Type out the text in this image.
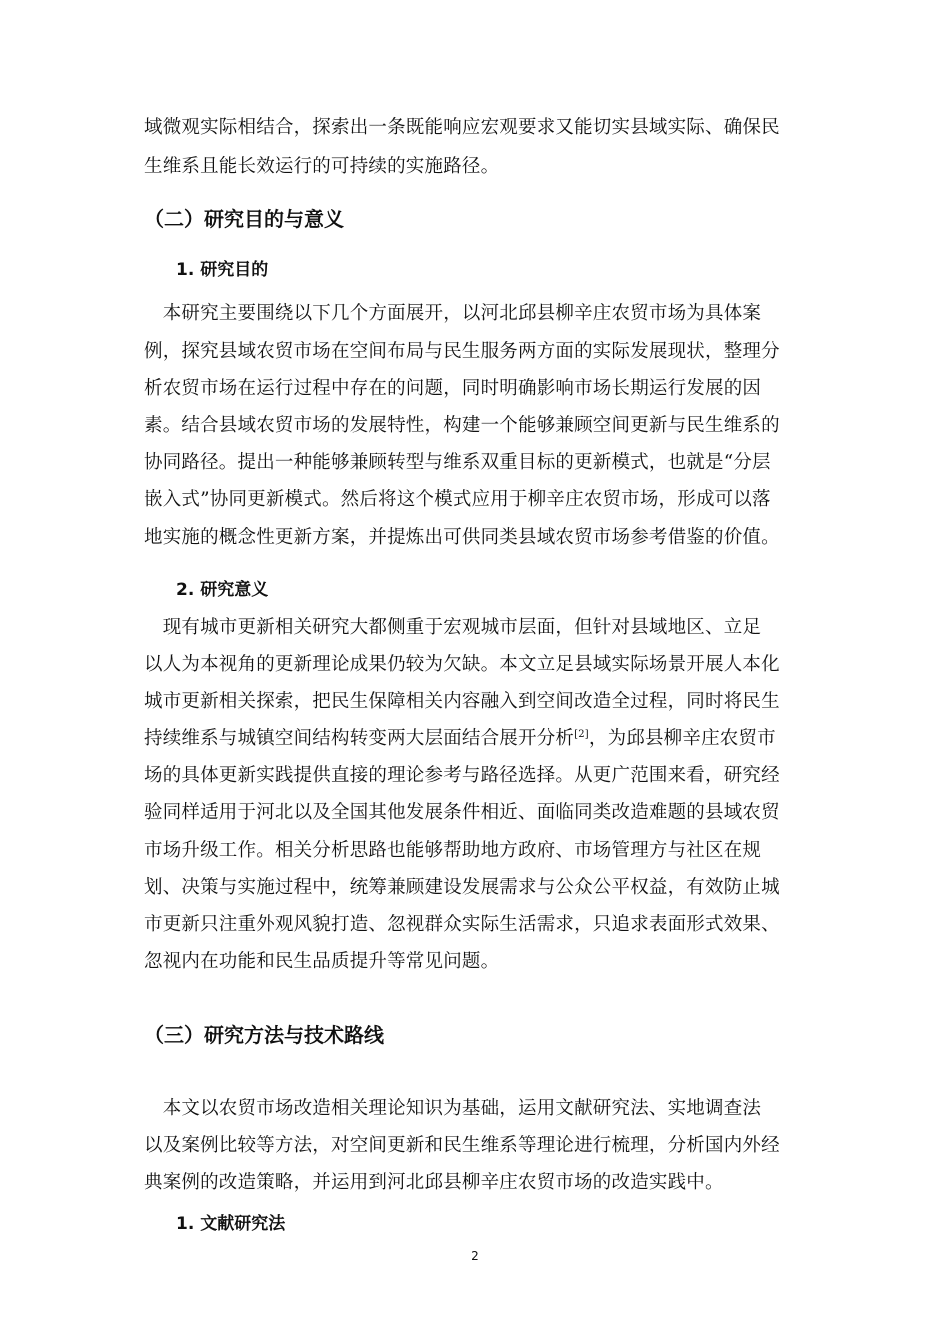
域微观实际相结合，探索出一条既能响应宏观要求又能切实县域实际、确保民
生维系且能长效运行的可持续的实施路径。
（二）研究目的与意义
1. 研究目的
　本研究主要围绕以下几个方面展开，以河北邱县柳辛庄农贸市场为具体案
例，探究县域农贸市场在空间布局与民生服务两方面的实际发展现状，整理分
析农贸市场在运行过程中存在的问题，同时明确影响市场长期运行发展的因
素。结合县域农贸市场的发展特性，构建一个能够兼顾空间更新与民生维系的
协同路径。提出一种能够兼顾转型与维系双重目标的更新模式，也就是“分层
嵌入式”协同更新模式。然后将这个模式应用于柳辛庄农贸市场，形成可以落
地实施的概念性更新方案，并提炼出可供同类县域农贸市场参考借鉴的价值。
2. 研究意义
　现有城市更新相关研究大都侧重于宏观城市层面，但针对县域地区、立足
以人为本视角的更新理论成果仍较为欠缺。本文立足县域实际场景开展人本化
城市更新相关探索，把民生保障相关内容融入到空间改造全过程，同时将民生
持续维系与城镇空间结构转变两大层面结合展开分析[2]，为邱县柳辛庄农贸市
场的具体更新实践提供直接的理论参考与路径选择。从更广范围来看，研究经
验同样适用于河北以及全国其他发展条件相近、面临同类改造难题的县域农贸
市场升级工作。相关分析思路也能够帮助地方政府、市场管理方与社区在规
划、决策与实施过程中，统筹兼顾建设发展需求与公众公平权益，有效防止城
市更新只注重外观风貌打造、忽视群众实际生活需求，只追求表面形式效果、
忽视内在功能和民生品质提升等常见问题。
（三）研究方法与技术路线
　本文以农贸市场改造相关理论知识为基础，运用文献研究法、实地调查法
以及案例比较等方法，对空间更新和民生维系等理论进行梳理，分析国内外经
典案例的改造策略，并运用到河北邱县柳辛庄农贸市场的改造实践中。
1. 文献研究法
2
